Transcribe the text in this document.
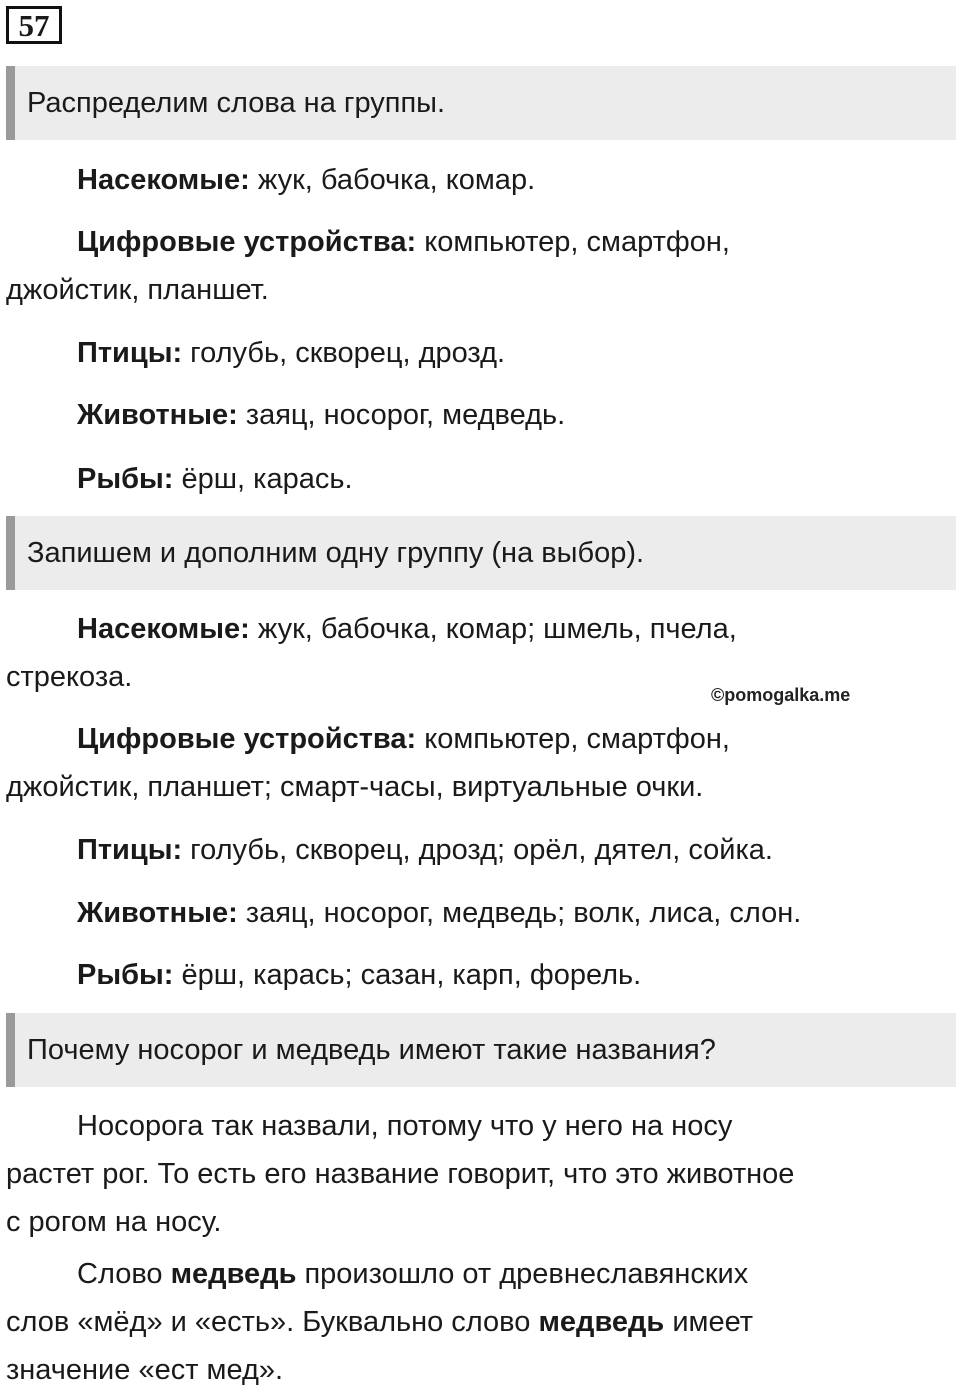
57
Распределим слова на группы.

Насекомые: жук, бабочка, комар.

Цифровые устройства: компьютер, смартфон,
джойстик, планшет.

Птицы: голубь, скворец, дрозд.

Животные: заяц, носорог, медведь.

Рыбы: ёрш, карась.

Запишем и дополним одну группу (на выбор).

Насекомые: жук, бабочка, комар; шмель, пчела,
стрекоза.

©pomogalka.me

Цифровые устройства: компьютер, смартфон,
джойстик, планшет; смарт-часы, виртуальные очки.

Птицы: голубь, скворец, дрозд; орёл, дятел, сойка.

Животные: заяц, носорог, медведь; волк, лиса, слон.

Рыбы: ёрш, карась; сазан, карп, форель.

Почему носорог и медведь имеют такие названия?

Носорога так назвали, потому что у него на носу
растет рог. То есть его название говорит, что это животное
с рогом на носу.

Слово медведь произошло от древнеславянских
слов «мёд» и «есть». Буквально слово медведь имеет
значение «ест мед».
